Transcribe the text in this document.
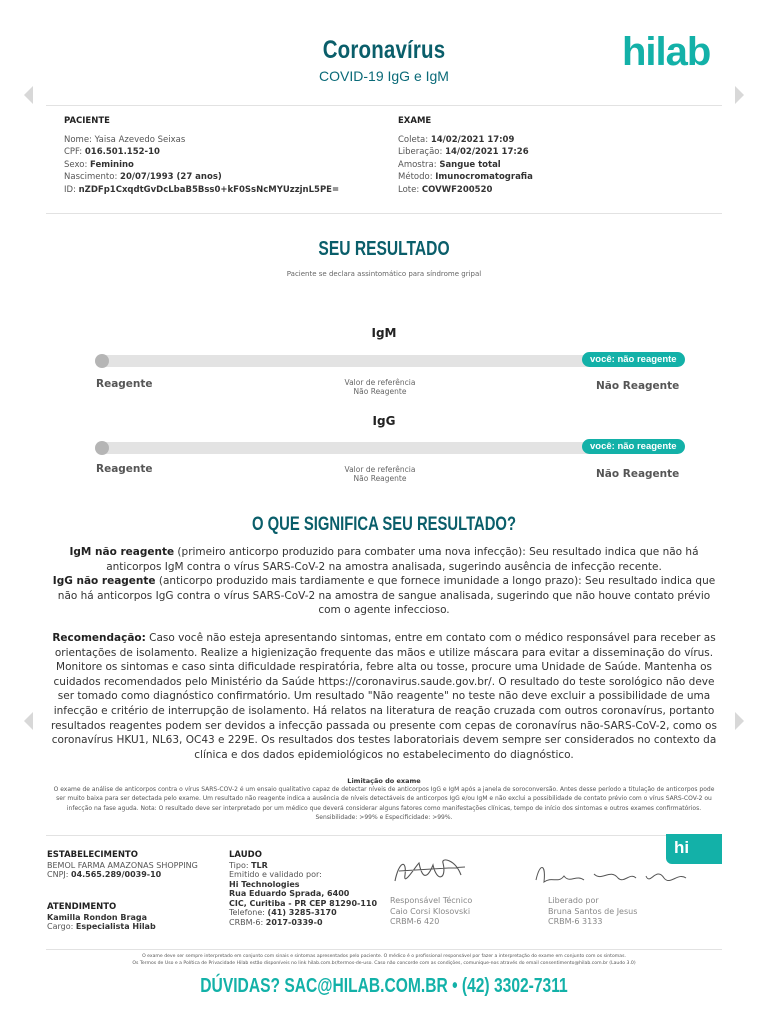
Coronavírus
COVID-19 IgG e IgM
hilab
PACIENTE
Nome: Yaisa Azevedo Seixas
CPF: 016.501.152-10
Sexo: Feminino
Nascimento: 20/07/1993 (27 anos)
ID: nZDFp1CxqdtGvDcLbaB5Bss0+kF0SsNcMYUzzjnL5PE=
EXAME
Coleta: 14/02/2021 17:09
Liberação: 14/02/2021 17:26
Amostra: Sangue total
Método: Imunocromatografia
Lote: COVWF200520
SEU RESULTADO
Paciente se declara assintomático para síndrome gripal
IgM
você: não reagente
Reagente	Valor de referência
Não Reagente	Não Reagente
IgG
você: não reagente
Reagente	Valor de referência
Não Reagente	Não Reagente
O QUE SIGNIFICA SEU RESULTADO?
IgM não reagente (primeiro anticorpo produzido para combater uma nova infecção): Seu resultado indica que não há anticorpos IgM contra o vírus SARS-CoV-2 na amostra analisada, sugerindo ausência de infecção recente.
IgG não reagente (anticorpo produzido mais tardiamente e que fornece imunidade a longo prazo): Seu resultado indica que não há anticorpos IgG contra o vírus SARS-CoV-2 na amostra de sangue analisada, sugerindo que não houve contato prévio com o agente infeccioso.
Recomendação: Caso você não esteja apresentando sintomas, entre em contato com o médico responsável para receber as orientações de isolamento. Realize a higienização frequente das mãos e utilize máscara para evitar a disseminação do vírus. Monitore os sintomas e caso sinta dificuldade respiratória, febre alta ou tosse, procure uma Unidade de Saúde. Mantenha os cuidados recomendados pelo Ministério da Saúde https://coronavirus.saude.gov.br/. O resultado do teste sorológico não deve ser tomado como diagnóstico confirmatório. Um resultado "Não reagente" no teste não deve excluir a possibilidade de uma infecção e critério de interrupção de isolamento. Há relatos na literatura de reação cruzada com outros coronavírus, portanto resultados reagentes podem ser devidos a infecção passada ou presente com cepas de coronavírus não-SARS-CoV-2, como os coronavírus HKU1, NL63, OC43 e 229E. Os resultados dos testes laboratoriais devem sempre ser considerados no contexto da clínica e dos dados epidemiológicos no estabelecimento do diagnóstico.
Limitação do exame
O exame de análise de anticorpos contra o vírus SARS-COV-2 é um ensaio qualitativo capaz de detectar níveis de anticorpos IgG e IgM após a janela de soroconversão. Antes desse período a titulação de anticorpos pode ser muito baixa para ser detectada pelo exame. Um resultado não reagente indica a ausência de níveis detectáveis de anticorpos IgG e/ou IgM e não exclui a possibilidade de contato prévio com o vírus SARS-COV-2 ou infecção na fase aguda. Nota: O resultado deve ser interpretado por um médico que deverá considerar alguns fatores como manifestações clínicas, tempo de início dos sintomas e outros exames confirmatórios. Sensibilidade: >99% e Especificidade: >99%.
hi
ESTABELECIMENTO
BEMOL FARMA AMAZONAS SHOPPING
CNPJ: 04.565.289/0039-10
ATENDIMENTO
Kamilla Rondon Braga
Cargo: Especialista Hilab
LAUDO
Tipo: TLR
Emitido e validado por:
Hi Technologies
Rua Eduardo Sprada, 6400
CIC, Curitiba - PR CEP 81290-110
Telefone: (41) 3285-3170
CRBM-6: 2017-0339-0
Responsável Técnico
Caio Corsi Klosovski
CRBM-6 420
Liberado por
Bruna Santos de Jesus
CRBM-6 3133
O exame deve ser sempre interpretado em conjunto com sinais e sintomas apresentados pelo paciente. O médico é o profissional responsável por fazer a interpretação do exame em conjunto com os sintomas.
Os Termos de Uso e a Política de Privacidade Hilab estão disponíveis no link hilab.com.br/termos-de-uso. Caso não concorde com as condições, comunique-nos através do email consentimento@hilab.com.br (Laudo 3.0)
DÚVIDAS? SAC@HILAB.COM.BR • (42) 3302-7311
